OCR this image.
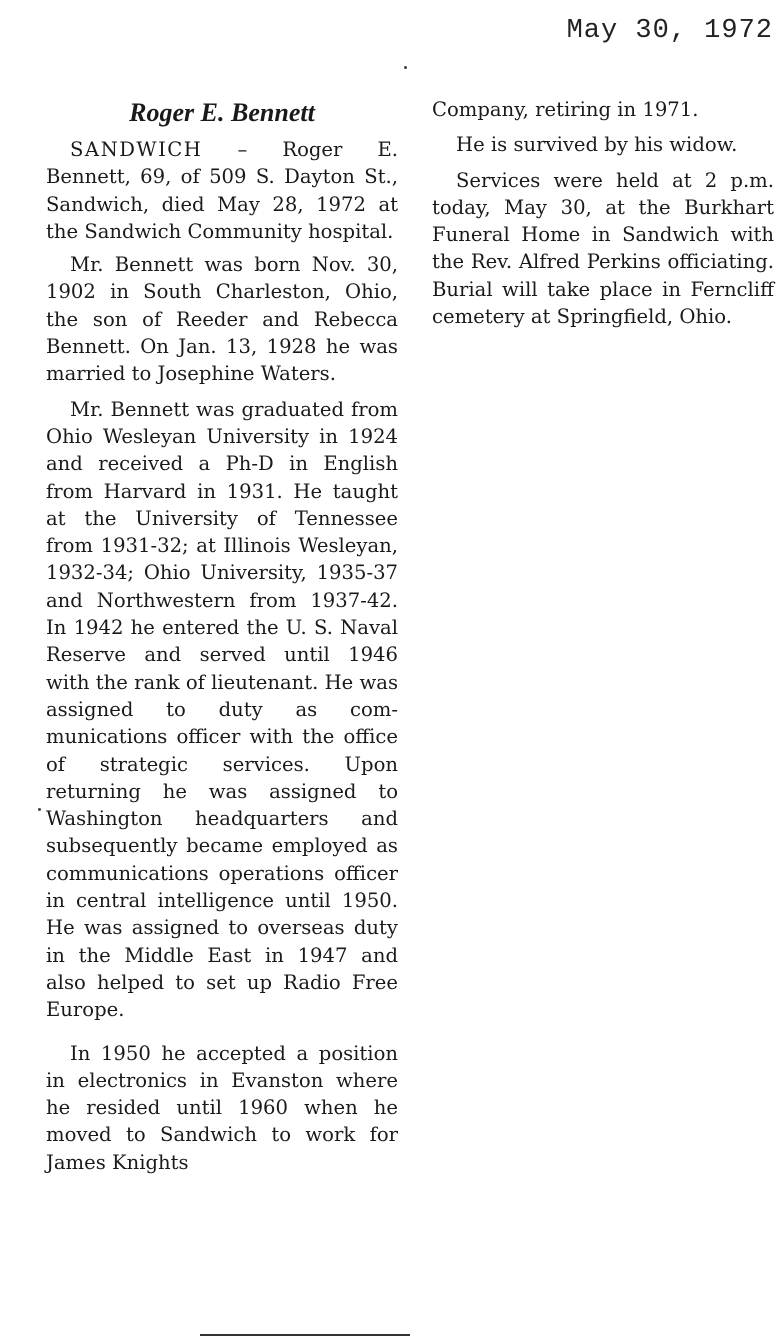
May 30, 1972
Roger E. Bennett

SANDWICH – Roger E. Bennett, 69, of 509 S. Dayton St., Sandwich, died May 28, 1972 at the Sandwich Community hospital.

Mr. Bennett was born Nov. 30, 1902 in South Charleston, Ohio, the son of Reeder and Rebecca Bennett. On Jan. 13, 1928 he was married to Josephine Waters.

Mr. Bennett was graduated from Ohio Wesleyan University in 1924 and received a Ph-D in English from Harvard in 1931. He taught at the University of Tennessee from 1931-32; at Illinois Wesleyan, 1932-34; Ohio University, 1935-37 and Northwestern from 1937-42. In 1942 he entered the U. S. Naval Reserve and served until 1946 with the rank of lieutenant. He was assigned to duty as communications officer with the office of strategic services. Upon returning he was assigned to Washington headquarters and subsequently became employed as communications operations officer in central intelligence until 1950. He was assigned to overseas duty in the Middle East in 1947 and also helped to set up Radio Free Europe.

In 1950 he accepted a position in electronics in Evanston where he resided until 1960 when he moved to Sandwich to work for James Knights

Company, retiring in 1971.

He is survived by his widow.

Services were held at 2 p.m. today, May 30, at the Burkhart Funeral Home in Sandwich with the Rev. Alfred Perkins officiating. Burial will take place in Ferncliff cemetery at Springfield, Ohio.
